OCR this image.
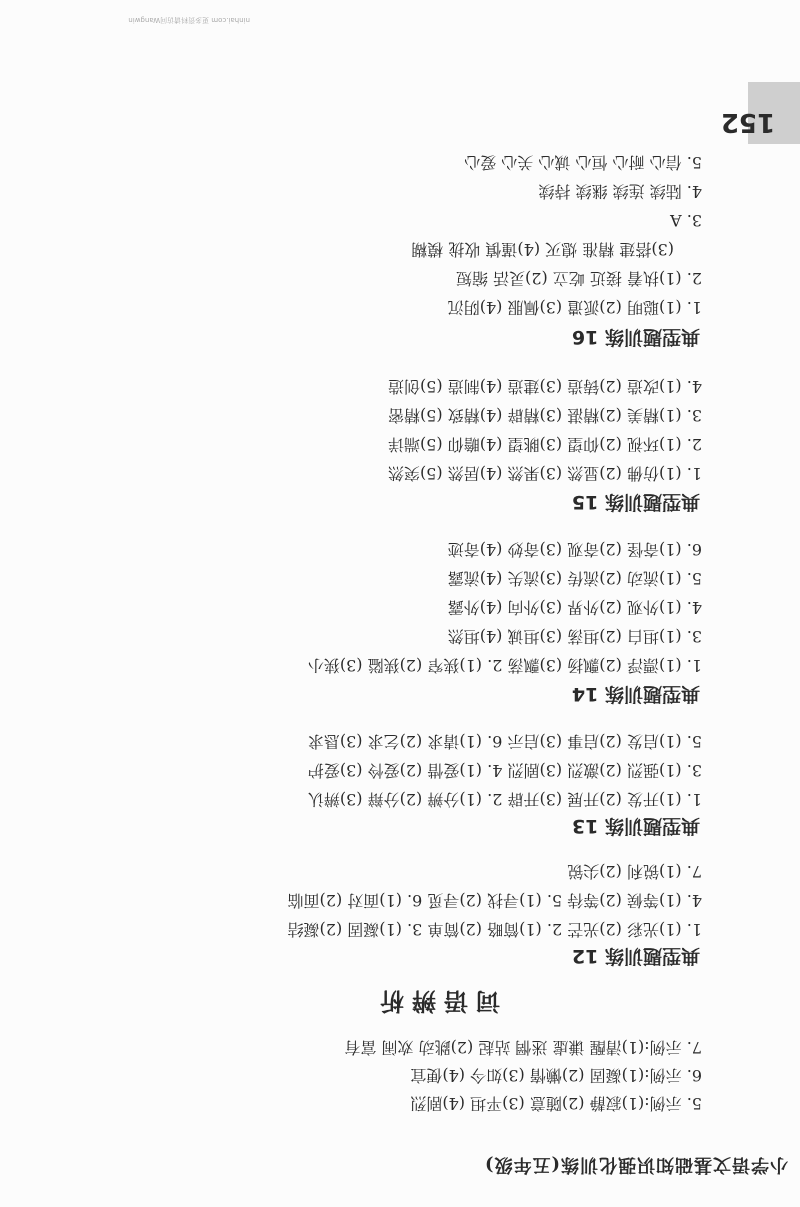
小学语文基础知识强化训练(五年级)
5. 示例:(1)寂静 (2)随意 (3)平坦 (4)剧烈
6. 示例:(1)凝固 (2)懒惰 (3)如今 (4)便宜
7. 示例:(1)清醒 谦虚 迷惘 站起 (2)跳动 欢闹 富有
词语辨析
典型题训练 12
1. (1)光彩 (2)光芒 2. (1)简略 (2)简单 3. (1)凝固 (2)凝结
4. (1)等候 (2)等待 5. (1)寻找 (2)寻觅 6. (1)面对 (2)面临
7. (1)锐利 (2)尖锐
典型题训练 13
1. (1)开发 (2)开展 (3)开辟 2. (1)分辨 (2)分辩 (3)辨认
3. (1)强烈 (2)激烈 (3)剧烈 4. (1)爱惜 (2)爱怜 (3)爱护
5. (1)启发 (2)启事 (3)启示 6. (1)请求 (2)乞求 (3)恳求
典型题训练 14
1. (1)漂浮 (2)飘扬 (3)飘荡 2. (1)狭窄 (2)狭隘 (3)狭小
3. (1)坦白 (2)坦荡 (3)坦诚 (4)坦然
4. (1)外观 (2)外界 (3)外向 (4)外露
5. (1)流动 (2)流传 (3)流失 (4)流露
6. (1)奇怪 (2)奇观 (3)奇妙 (4)奇迹
典型题训练 15
1. (1)仿佛 (2)显然 (3)果然 (4)居然 (5)突然
2. (1)环视 (2)仰望 (3)眺望 (4)瞻仰 (5)端详
3. (1)精美 (2)精湛 (3)精辟 (4)精致 (5)精密
4. (1)改造 (2)铸造 (3)建造 (4)制造 (5)创造
典型题训练 16
1. (1)聪明 (2)派遣 (3)佩服 (4)阴沉
2. (1)执着 接近 屹立 (2)灵活 缩短
(3)搭建 精准 熄灭 (4)谨慎 收拢 模糊
3. A
4. 陆续 连续 继续 持续
5. 信心 耐心 恒心 诚心 关心 爱心
152
ninhai.com 更多资料请访问Wangwin
